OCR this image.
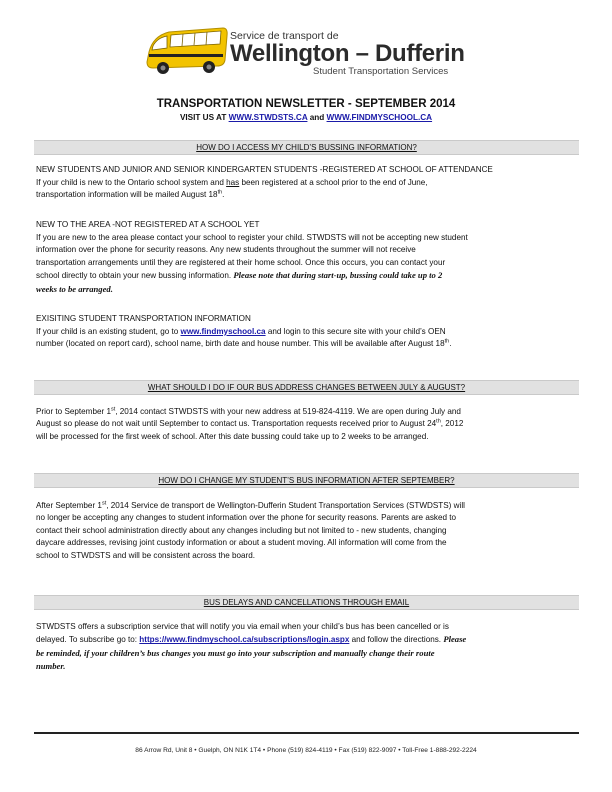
Service de transport de
Wellington – Dufferin
Student Transportation Services
TRANSPORTATION NEWSLETTER - SEPTEMBER 2014
VISIT US AT WWW.STWDSTS.CA and WWW.FINDMYSCHOOL.CA
HOW DO I ACCESS MY CHILD’S BUSSING INFORMATION?

NEW STUDENTS AND JUNIOR AND SENIOR KINDERGARTEN STUDENTS -REGISTERED AT SCHOOL OF ATTENDANCE

If your child is new to the Ontario school system and has been registered at a school prior to the end of June,
transportation information will be mailed August 18th.

NEW TO THE AREA -NOT REGISTERED AT A SCHOOL YET

If you are new to the area please contact your school to register your child. STWDSTS will not be accepting new student
information over the phone for security reasons. Any new students throughout the summer will not receive
transportation arrangements until they are registered at their home school. Once this occurs, you can contact your
school directly to obtain your new bussing information. Please note that during start-up, bussing could take up to 2
weeks to be arranged.

EXISITING STUDENT TRANSPORTATION INFORMATION

If your child is an existing student, go to www.findmyschool.ca and login to this secure site with your child’s OEN
number (located on report card), school name, birth date and house number. This will be available after August 18th.

WHAT SHOULD I DO IF OUR BUS ADDRESS CHANGES BETWEEN JULY & AUGUST?

Prior to September 1st, 2014 contact STWDSTS with your new address at 519-824-4119. We are open during July and
August so please do not wait until September to contact us. Transportation requests received prior to August 24th, 2012
will be processed for the first week of school. After this date bussing could take up to 2 weeks to be arranged.

HOW DO I CHANGE MY STUDENT’S BUS INFORMATION AFTER SEPTEMBER?

After September 1st, 2014 Service de transport de Wellington-Dufferin Student Transportation Services (STWDSTS) will
no longer be accepting any changes to student information over the phone for security reasons. Parents are asked to
contact their school administration directly about any changes including but not limited to - new students, changing
daycare addresses, revising joint custody information or about a student moving. All information will come from the
school to STWDSTS and will be consistent across the board.

BUS DELAYS AND CANCELLATIONS THROUGH EMAIL

STWDSTS offers a subscription service that will notify you via email when your child’s bus has been cancelled or is
delayed. To subscribe go to: https://www.findmyschool.ca/subscriptions/login.aspx and follow the directions. Please
be reminded, if your children’s bus changes you must go into your subscription and manually change their route
number.

86 Arrow Rd, Unit 8 • Guelph, ON N1K 1T4 • Phone (519) 824-4119 • Fax (519) 822-9097 • Toll-Free 1-888-292-2224
